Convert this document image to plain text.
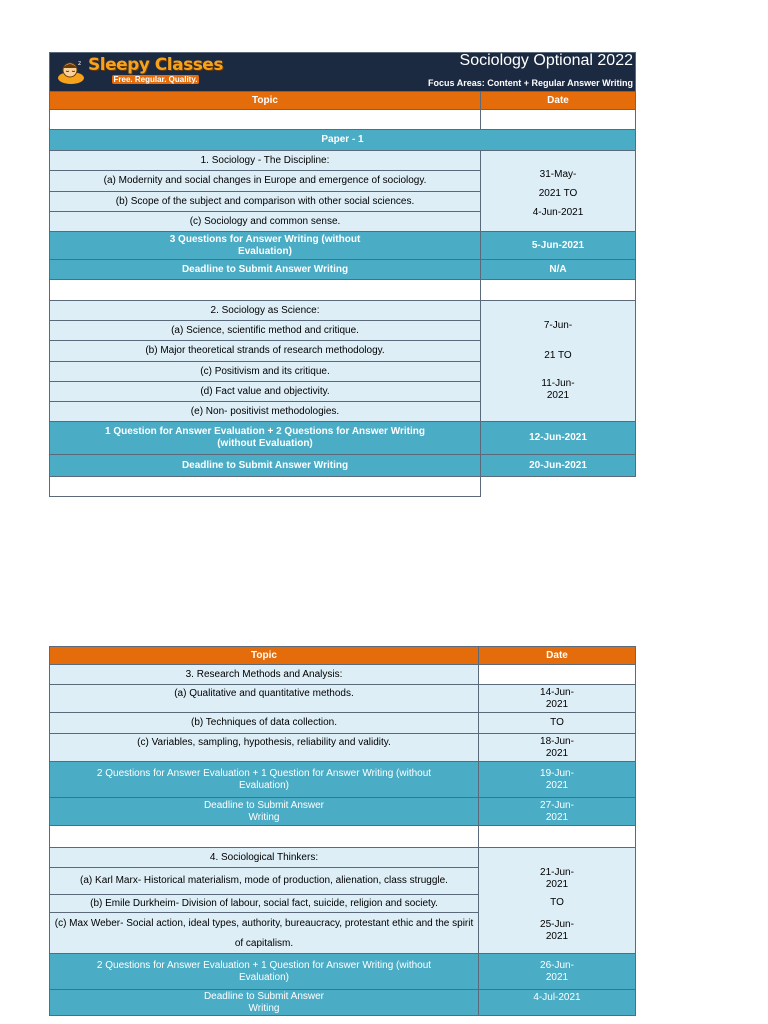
z Sleepy Classes
Free. Regular. Quality.
Sociology Optional 2022
Focus Areas: Content + Regular Answer Writing	

Topic	Date

Paper - 1	
1. Sociology - The Discipline:	31-May-
2021 TO
4-Jun-2021

(a) Modernity and social changes in Europe and emergence of sociology.	
(b) Scope of the subject and comparison with other social sciences.	
(c) Sociology and common sense.	

3 Questions for Answer Writing (without Evaluation)	5-Jun-2021
Deadline to Submit Answer Writing	N/A

2. Sociology as Science:	7-Jun-
21 TO
11-Jun-
2021

(a) Science, scientific method and critique.	
(b) Major theoretical strands of research methodology.	
(c) Positivism and its critique.	
(d) Fact value and objectivity.	
(e) Non- positivist methodologies.	

1 Question for Answer Evaluation + 2 Questions for Answer Writing (without Evaluation)	12-Jun-2021
Deadline to Submit Answer Writing	20-Jun-2021

Topic	Date
3. Research Methods and Analysis:	
(a) Qualitative and quantitative methods.	14-Jun-2021

(b) Techniques of data collection.	TO
(c) Variables, sampling, hypothesis, reliability and validity.	18-Jun-2021

2 Questions for Answer Evaluation + 1 Question for Answer Writing (without Evaluation)	19-Jun-2021

Deadline to Submit Answer Writing	27-Jun-2021

4. Sociological Thinkers:	21-Jun-2021
TO
25-Jun-2021

(a) Karl Marx- Historical materialism, mode of production, alienation, class struggle.	
(b) Emile Durkheim- Division of labour, social fact, suicide, religion and society.	
(c) Max Weber- Social action, ideal types, authority, bureaucracy, protestant ethic and the spirit	
of capitalism.	

2 Questions for Answer Evaluation + 1 Question for Answer Writing (without Evaluation)	26-Jun-2021

Deadline to Submit Answer Writing	4-Jul-2021
